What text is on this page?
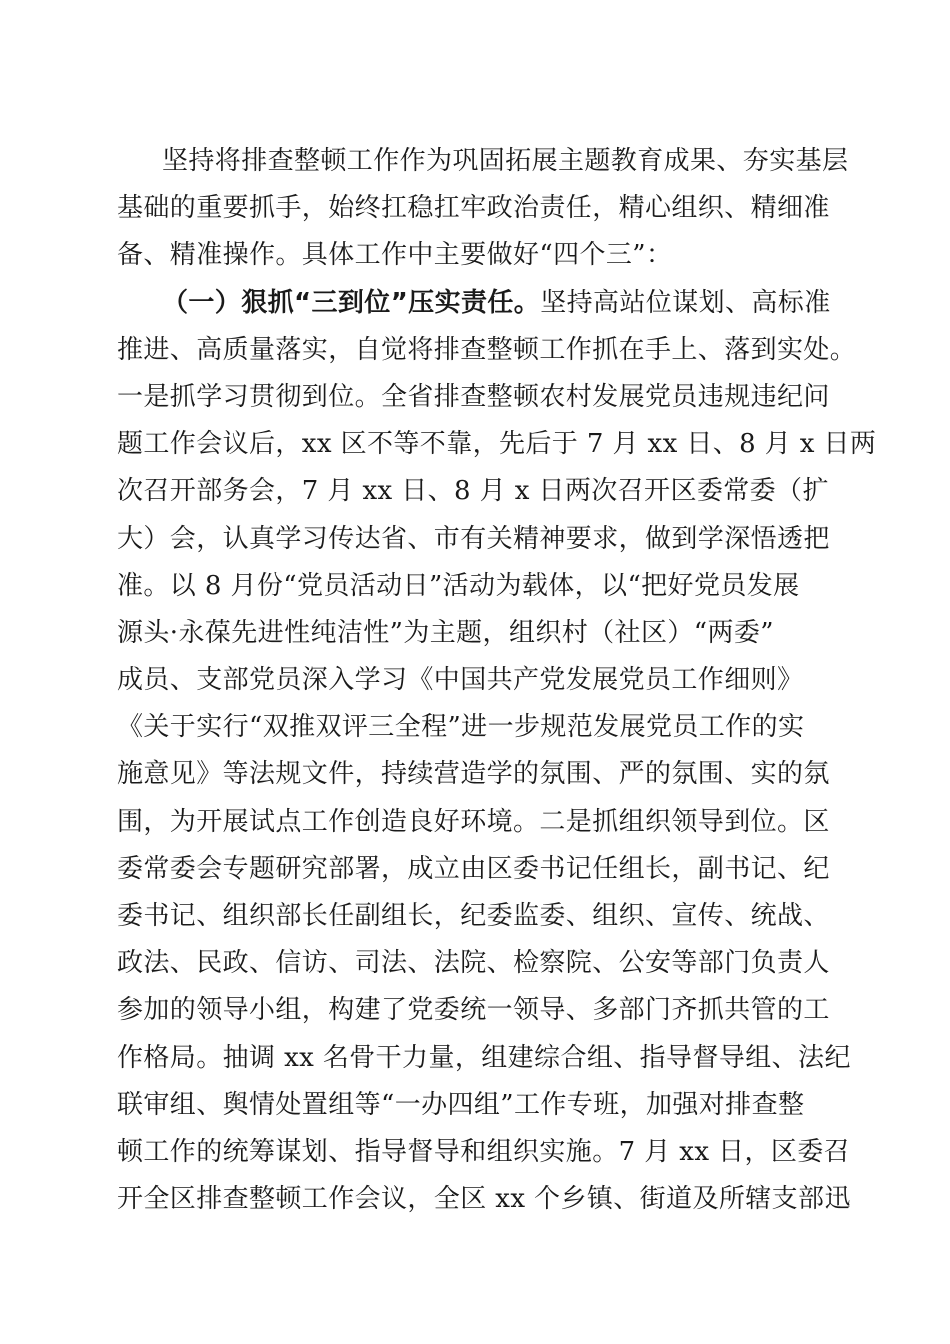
坚持将排查整顿工作作为巩固拓展主题教育成果、夯实基层
基础的重要抓手，始终扛稳扛牢政治责任，精心组织、精细准
备、精准操作。具体工作中主要做好“四个三”：
（一）狠抓“三到位”压实责任。坚持高站位谋划、高标准
推进、高质量落实，自觉将排查整顿工作抓在手上、落到实处。
一是抓学习贯彻到位。全省排查整顿农村发展党员违规违纪问
题工作会议后，xx 区不等不靠，先后于 7 月 xx 日、8 月 x 日两
次召开部务会，7 月 xx 日、8 月 x 日两次召开区委常委（扩
大）会，认真学习传达省、市有关精神要求，做到学深悟透把
准。以 8 月份“党员活动日”活动为载体，以“把好党员发展
源头·永葆先进性纯洁性”为主题，组织村（社区）“两委”
成员、支部党员深入学习《中国共产党发展党员工作细则》
《关于实行“双推双评三全程”进一步规范发展党员工作的实
施意见》等法规文件，持续营造学的氛围、严的氛围、实的氛
围，为开展试点工作创造良好环境。二是抓组织领导到位。区
委常委会专题研究部署，成立由区委书记任组长，副书记、纪
委书记、组织部长任副组长，纪委监委、组织、宣传、统战、
政法、民政、信访、司法、法院、检察院、公安等部门负责人
参加的领导小组，构建了党委统一领导、多部门齐抓共管的工
作格局。抽调 xx 名骨干力量，组建综合组、指导督导组、法纪
联审组、舆情处置组等“一办四组”工作专班，加强对排查整
顿工作的统筹谋划、指导督导和组织实施。7 月 xx 日，区委召
开全区排查整顿工作会议，全区 xx 个乡镇、街道及所辖支部迅
